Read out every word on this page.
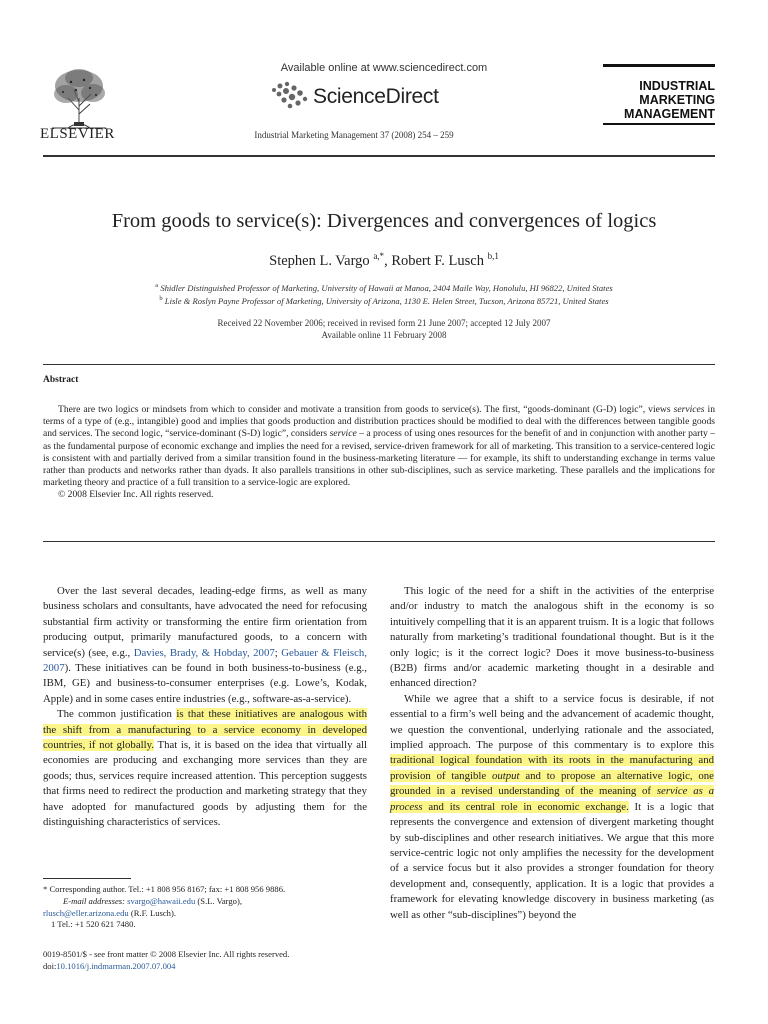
ELSEVIER
Available online at www.sciencedirect.com
ScienceDirect
Industrial Marketing Management 37 (2008) 254 – 259
INDUSTRIAL
MARKETING
MANAGEMENT
From goods to service(s): Divergences and convergences of logics
Stephen L. Vargo $^{a,*}$, Robert F. Lusch $^{b,1}$
$^a$ Shidler Distinguished Professor of Marketing, University of Hawaii at Manoa, 2404 Maile Way, Honolulu, HI 96822, United States
$^b$ Lisle & Roslyn Payne Professor of Marketing, University of Arizona, 1130 E. Helen Street, Tucson, Arizona 85721, United States
Received 22 November 2006; received in revised form 21 June 2007; accepted 12 July 2007
Available online 11 February 2008
Abstract

There are two logics or mindsets from which to consider and motivate a transition from goods to service(s). The first, “goods-dominant (G-D) logic”, views services in terms of a type of (e.g., intangible) good and implies that goods production and distribution practices should be modified to deal with the differences between tangible goods and services. The second logic, “service-dominant (S-D) logic”, considers service – a process of using ones resources for the benefit of and in conjunction with another party – as the fundamental purpose of economic exchange and implies the need for a revised, service-driven framework for all of marketing. This transition to a service-centered logic is consistent with and partially derived from a similar transition found in the business-marketing literature — for example, its shift to understanding exchange in terms value rather than products and networks rather than dyads. It also parallels transitions in other sub-disciplines, such as service marketing. These parallels and the implications for marketing theory and practice of a full transition to a service-logic are explored.

© 2008 Elsevier Inc. All rights reserved.

Over the last several decades, leading-edge firms, as well as many business scholars and consultants, have advocated the need for refocusing substantial firm activity or transforming the entire firm orientation from producing output, primarily manufactured goods, to a concern with service(s) (see, e.g., Davies, Brady, & Hobday, 2007; Gebauer & Fleisch, 2007). These initiatives can be found in both business-to-business (e.g., IBM, GE) and business-to-consumer enterprises (e.g. Lowe’s, Kodak, Apple) and in some cases entire industries (e.g., software-as-a-service).

The common justification is that these initiatives are analogous with the shift from a manufacturing to a service economy in developed countries, if not globally. That is, it is based on the idea that virtually all economies are producing and exchanging more services than they are goods; thus, services require increased attention. This perception suggests that firms need to redirect the production and marketing strategy that they have adopted for manufactured goods by adjusting them for the distinguishing characteristics of services.

* Corresponding author. Tel.: +1 808 956 8167; fax: +1 808 956 9886.
E-mail addresses: svargo@hawaii.edu (S.L. Vargo),
rlusch@eller.arizona.edu (R.F. Lusch).
1 Tel.: +1 520 621 7480.
0019-8501/$ - see front matter © 2008 Elsevier Inc. All rights reserved.
doi:10.1016/j.indmarman.2007.07.004

This logic of the need for a shift in the activities of the enterprise and/or industry to match the analogous shift in the economy is so intuitively compelling that it is an apparent truism. It is a logic that follows naturally from marketing’s traditional foundational thought. But is it the only logic; is it the correct logic? Does it move business-to-business (B2B) firms and/or academic marketing thought in a desirable and enhanced direction?

While we agree that a shift to a service focus is desirable, if not essential to a firm’s well being and the advancement of academic thought, we question the conventional, underlying rationale and the associated, implied approach. The purpose of this commentary is to explore this traditional logical foundation with its roots in the manufacturing and provision of tangible output and to propose an alternative logic, one grounded in a revised understanding of the meaning of service as a process and its central role in economic exchange. It is a logic that represents the convergence and extension of divergent marketing thought by sub-disciplines and other research initiatives. We argue that this more service-centric logic not only amplifies the necessity for the development of a service focus but it also provides a stronger foundation for theory development and, consequently, application. It is a logic that provides a framework for elevating knowledge discovery in business marketing (as well as other “sub-disciplines”) beyond the
